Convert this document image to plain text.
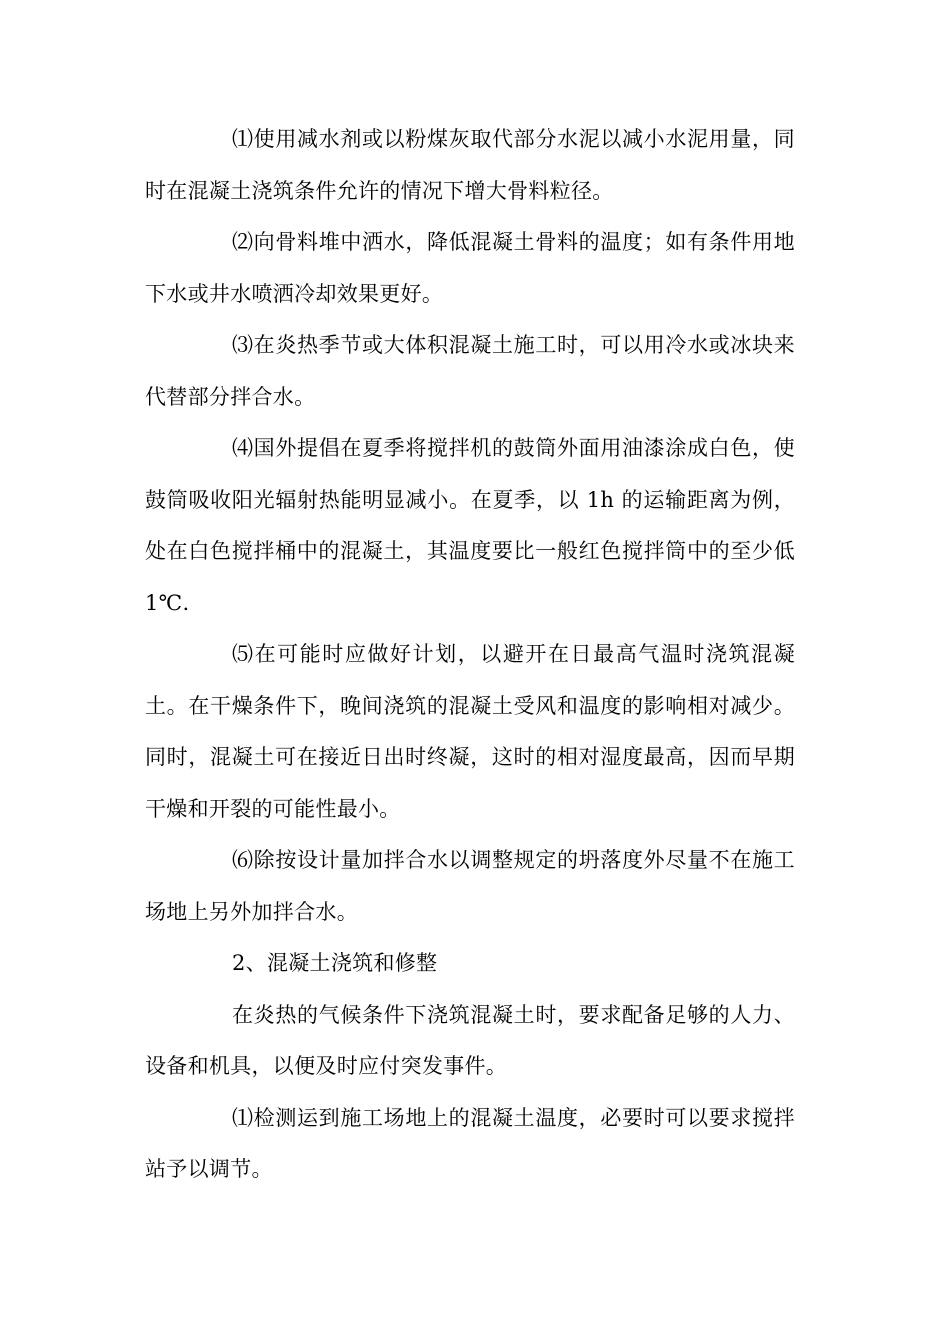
⑴使用减水剂或以粉煤灰取代部分水泥以减小水泥用量，同时在混凝土浇筑条件允许的情况下增大骨料粒径。

⑵向骨料堆中洒水，降低混凝土骨料的温度；如有条件用地下水或井水喷洒冷却效果更好。

⑶在炎热季节或大体积混凝土施工时，可以用冷水或冰块来代替部分拌合水。

⑷国外提倡在夏季将搅拌机的鼓筒外面用油漆涂成白色，使鼓筒吸收阳光辐射热能明显减小。在夏季，以 1h 的运输距离为例，处在白色搅拌桶中的混凝土，其温度要比一般红色搅拌筒中的至少低 1℃.

⑸在可能时应做好计划，以避开在日最高气温时浇筑混凝土。在干燥条件下，晚间浇筑的混凝土受风和温度的影响相对减少。同时，混凝土可在接近日出时终凝，这时的相对湿度最高，因而早期干燥和开裂的可能性最小。

⑹除按设计量加拌合水以调整规定的坍落度外尽量不在施工场地上另外加拌合水。

2、混凝土浇筑和修整

在炎热的气候条件下浇筑混凝土时，要求配备足够的人力、设备和机具，以便及时应付突发事件。

⑴检测运到施工场地上的混凝土温度，必要时可以要求搅拌站予以调节。
